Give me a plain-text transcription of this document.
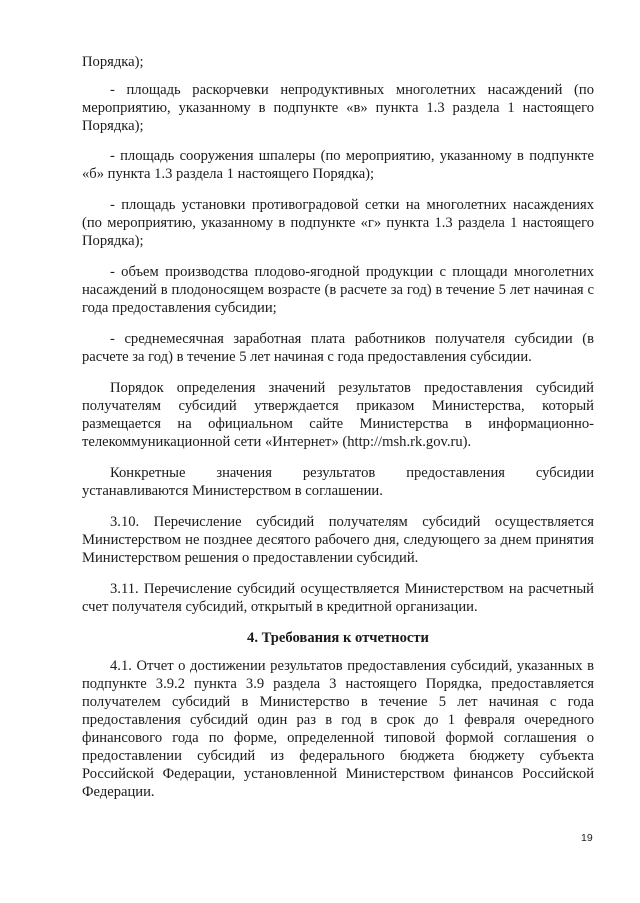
Порядка);

- площадь раскорчевки непродуктивных многолетних насаждений (по мероприятию, указанному в подпункте «в» пункта 1.3 раздела 1 настоящего Порядка);

- площадь сооружения шпалеры (по мероприятию, указанному в подпункте «б» пункта 1.3 раздела 1 настоящего Порядка);

- площадь установки противоградовой сетки на многолетних насаждениях (по мероприятию, указанному в подпункте «г» пункта 1.3 раздела 1 настоящего Порядка);

- объем производства плодово-ягодной продукции с площади многолетних насаждений в плодоносящем возрасте (в расчете за год) в течение 5 лет начиная с года предоставления субсидии;

- среднемесячная заработная плата работников получателя субсидии (в расчете за год) в течение 5 лет начиная с года предоставления субсидии.

Порядок определения значений результатов предоставления субсидий получателям субсидий утверждается приказом Министерства, который размещается на официальном сайте Министерства в информационно-телекоммуникационной сети «Интернет» (http://msh.rk.gov.ru).

Конкретные значения результатов предоставления субсидии устанавливаются Министерством в соглашении.

3.10. Перечисление субсидий получателям субсидий осуществляется Министерством не позднее десятого рабочего дня, следующего за днем принятия Министерством решения о предоставлении субсидий.

3.11. Перечисление субсидий осуществляется Министерством на расчетный счет получателя субсидий, открытый в кредитной организации.

4. Требования к отчетности

4.1. Отчет о достижении результатов предоставления субсидий, указанных в подпункте 3.9.2 пункта 3.9 раздела 3 настоящего Порядка, предоставляется получателем субсидий в Министерство в течение 5 лет начиная с года предоставления субсидий один раз в год в срок до 1 февраля очередного финансового года по форме, определенной типовой формой соглашения о предоставлении субсидий из федерального бюджета бюджету субъекта Российской Федерации, установленной Министерством финансов Российской Федерации.

19
